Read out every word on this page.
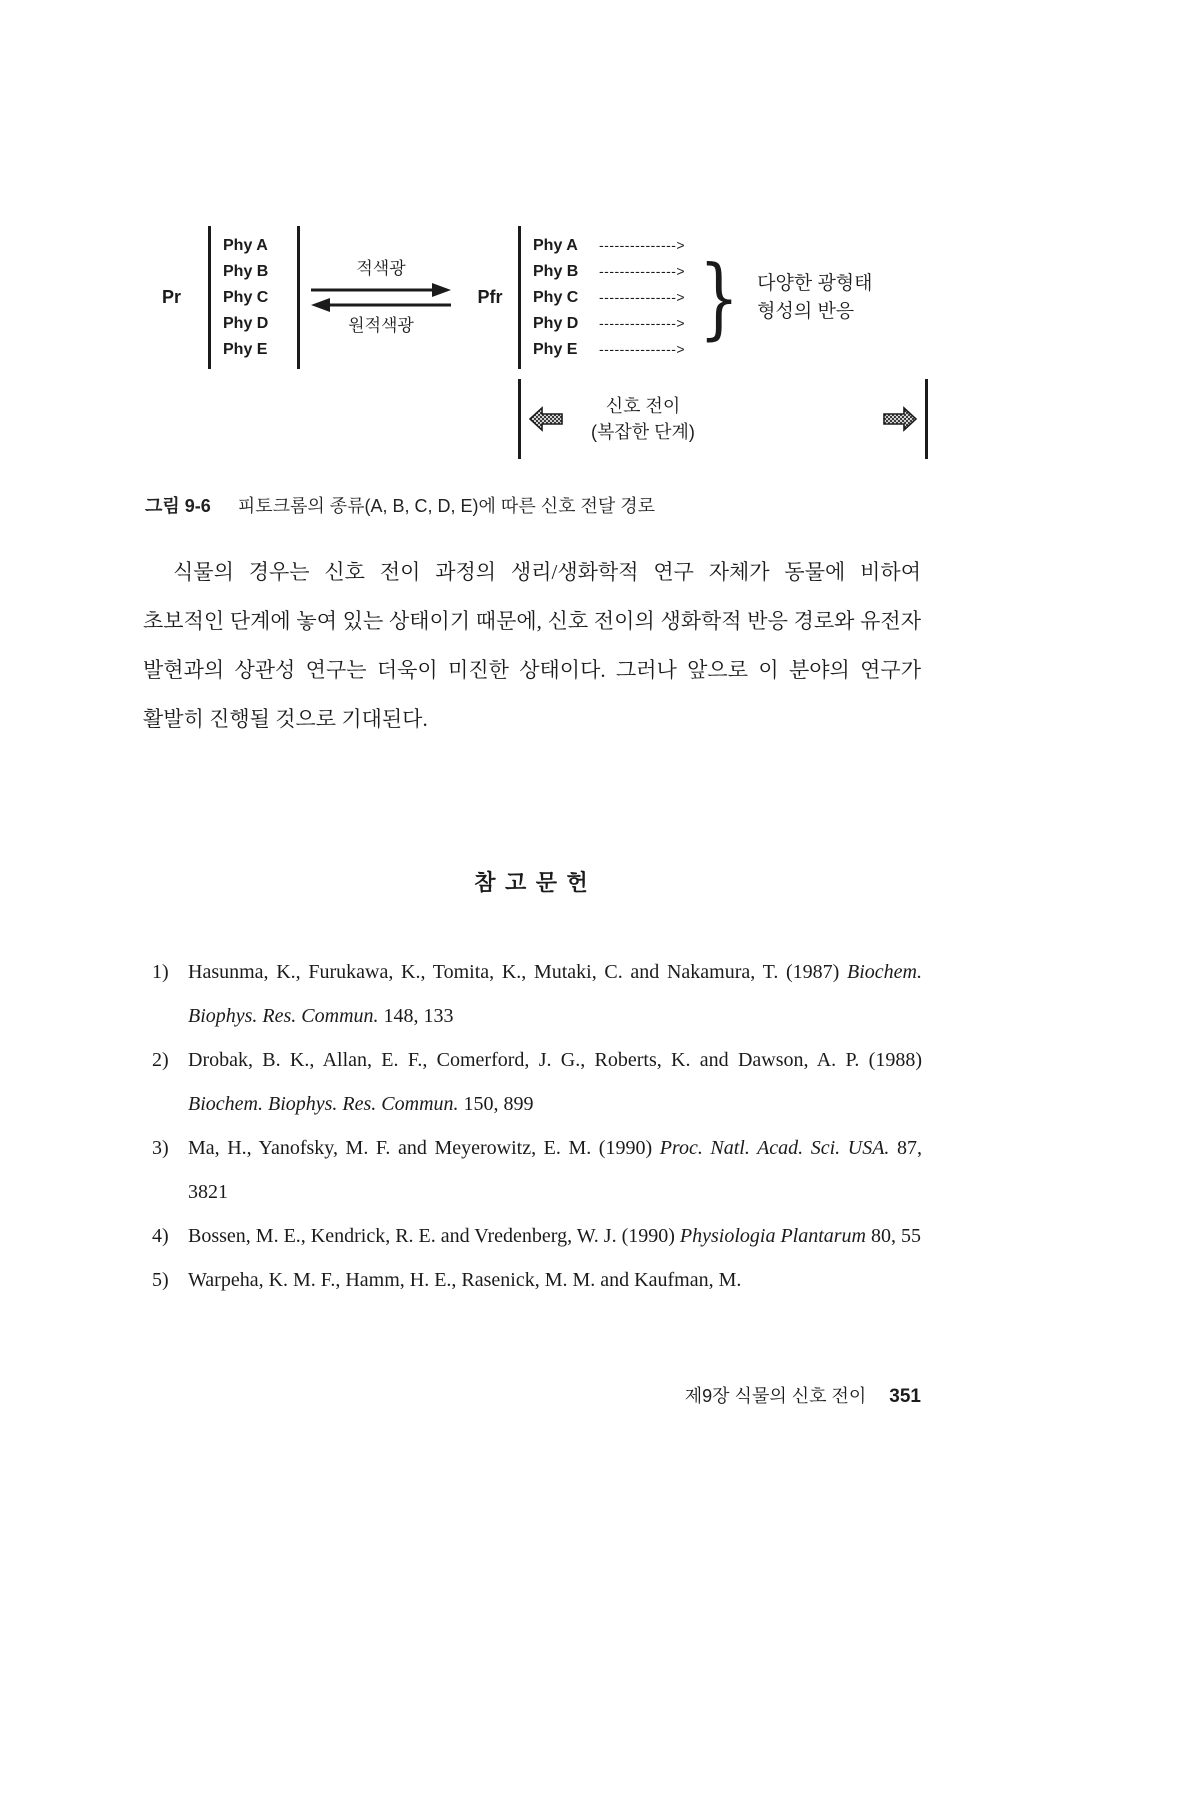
Pr
Phy A
Phy B
Phy C
Phy D
Phy E
적색광
원적색광
Pfr
Phy A	--------------->
Phy B	--------------->
Phy C	--------------->
Phy D	--------------->
Phy E	--------------->
} 다양한 광형태
형성의 반응
신호 전이
(복잡한 단계)
그림 9-6 피토크롬의 종류(A, B, C, D, E)에 따른 신호 전달 경로
식물의 경우는 신호 전이 과정의 생리/생화학적 연구 자체가 동물에 비하여 초보적인 단계에 놓여 있는 상태이기 때문에, 신호 전이의 생화학적 반응 경로와 유전자 발현과의 상관성 연구는 더욱이 미진한 상태이다. 그러나 앞으로 이 분야의 연구가 활발히 진행될 것으로 기대된다.
참 고 문 헌
1) Hasunma, K., Furukawa, K., Tomita, K., Mutaki, C. and Nakamura, T. (1987) Biochem. Biophys. Res. Commun. 148, 133
2) Drobak, B. K., Allan, E. F., Comerford, J. G., Roberts, K. and Dawson, A. P. (1988) Biochem. Biophys. Res. Commun. 150, 899
3) Ma, H., Yanofsky, M. F. and Meyerowitz, E. M. (1990) Proc. Natl. Acad. Sci. USA. 87, 3821
4) Bossen, M. E., Kendrick, R. E. and Vredenberg, W. J. (1990) Physiologia Plantarum 80, 55
5) Warpeha, K. M. F., Hamm, H. E., Rasenick, M. M. and Kaufman, M.
제9장 식물의 신호 전이 351
